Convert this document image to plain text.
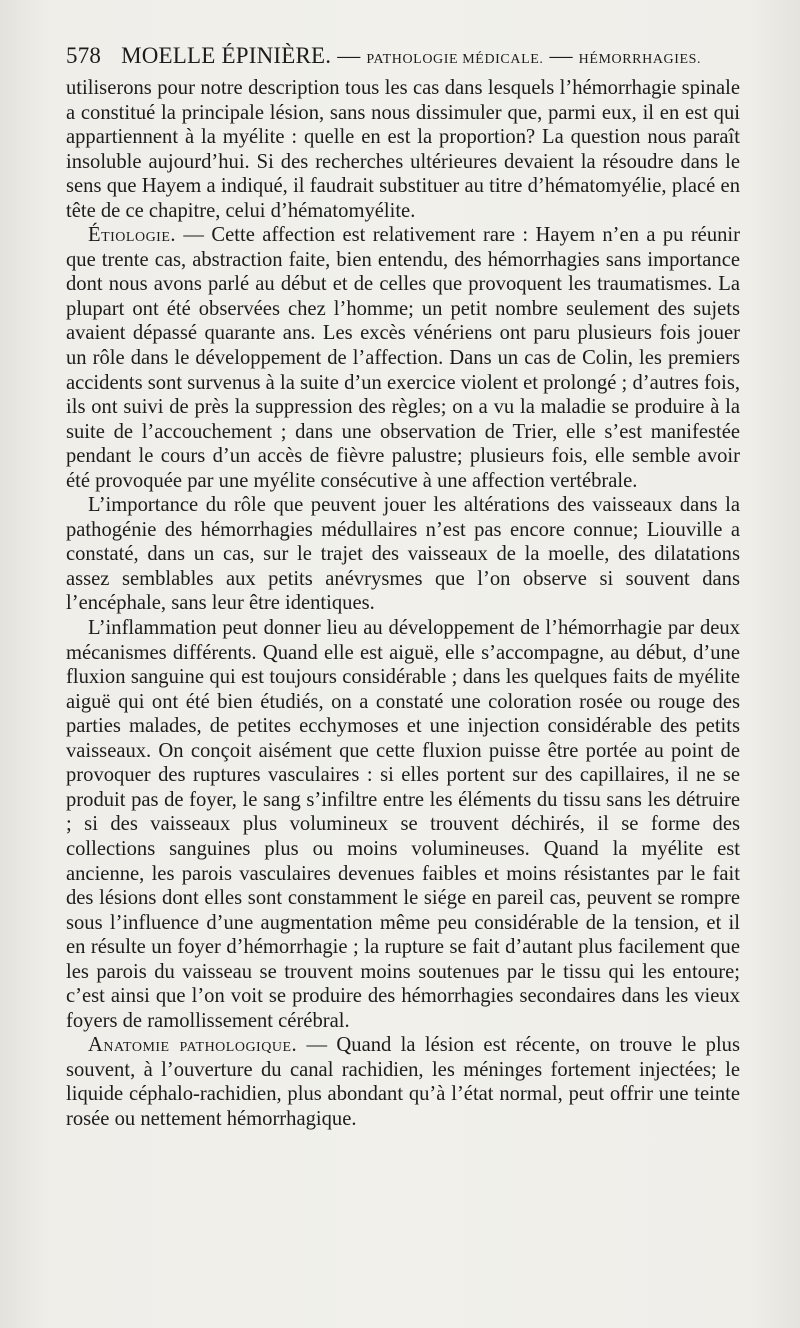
578 MOELLE ÉPINIÈRE. — PATHOLOGIE MÉDICALE. — HÉMORRHAGIES.

utiliserons pour notre description tous les cas dans lesquels l’hémorrhagie spinale a constitué la principale lésion, sans nous dissimuler que, parmi eux, il en est qui appartiennent à la myélite : quelle en est la proportion? La question nous paraît insoluble aujourd’hui. Si des recherches ultérieures devaient la résoudre dans le sens que Hayem a indiqué, il faudrait substituer au titre d’hématomyélie, placé en tête de ce chapitre, celui d’hématomyélite.

Étiologie. — Cette affection est relativement rare : Hayem n’en a pu réunir que trente cas, abstraction faite, bien entendu, des hémorrhagies sans importance dont nous avons parlé au début et de celles que provoquent les traumatismes. La plupart ont été observées chez l’homme; un petit nombre seulement des sujets avaient dépassé quarante ans. Les excès vénériens ont paru plusieurs fois jouer un rôle dans le développement de l’affection. Dans un cas de Colin, les premiers accidents sont survenus à la suite d’un exercice violent et prolongé ; d’autres fois, ils ont suivi de près la suppression des règles; on a vu la maladie se produire à la suite de l’accouchement ; dans une observation de Trier, elle s’est manifestée pendant le cours d’un accès de fièvre palustre; plusieurs fois, elle semble avoir été provoquée par une myélite consécutive à une affection vertébrale.

L’importance du rôle que peuvent jouer les altérations des vaisseaux dans la pathogénie des hémorrhagies médullaires n’est pas encore connue; Liouville a constaté, dans un cas, sur le trajet des vaisseaux de la moelle, des dilatations assez semblables aux petits anévrysmes que l’on observe si souvent dans l’encéphale, sans leur être identiques.

L’inflammation peut donner lieu au développement de l’hémorrhagie par deux mécanismes différents. Quand elle est aiguë, elle s’accompagne, au début, d’une fluxion sanguine qui est toujours considérable ; dans les quelques faits de myélite aiguë qui ont été bien étudiés, on a constaté une coloration rosée ou rouge des parties malades, de petites ecchymoses et une injection considérable des petits vaisseaux. On conçoit aisément que cette fluxion puisse être portée au point de provoquer des ruptures vasculaires : si elles portent sur des capillaires, il ne se produit pas de foyer, le sang s’infiltre entre les éléments du tissu sans les détruire ; si des vaisseaux plus volumineux se trouvent déchirés, il se forme des collections sanguines plus ou moins volumineuses. Quand la myélite est ancienne, les parois vasculaires devenues faibles et moins résistantes par le fait des lésions dont elles sont constamment le siége en pareil cas, peuvent se rompre sous l’influence d’une augmentation même peu considérable de la tension, et il en résulte un foyer d’hémorrhagie ; la rupture se fait d’autant plus facilement que les parois du vaisseau se trouvent moins soutenues par le tissu qui les entoure; c’est ainsi que l’on voit se produire des hémorrhagies secondaires dans les vieux foyers de ramollissement cérébral.

Anatomie pathologique. — Quand la lésion est récente, on trouve le plus souvent, à l’ouverture du canal rachidien, les méninges fortement injectées; le liquide céphalo-rachidien, plus abondant qu’à l’état normal, peut offrir une teinte rosée ou nettement hémorrhagique.
